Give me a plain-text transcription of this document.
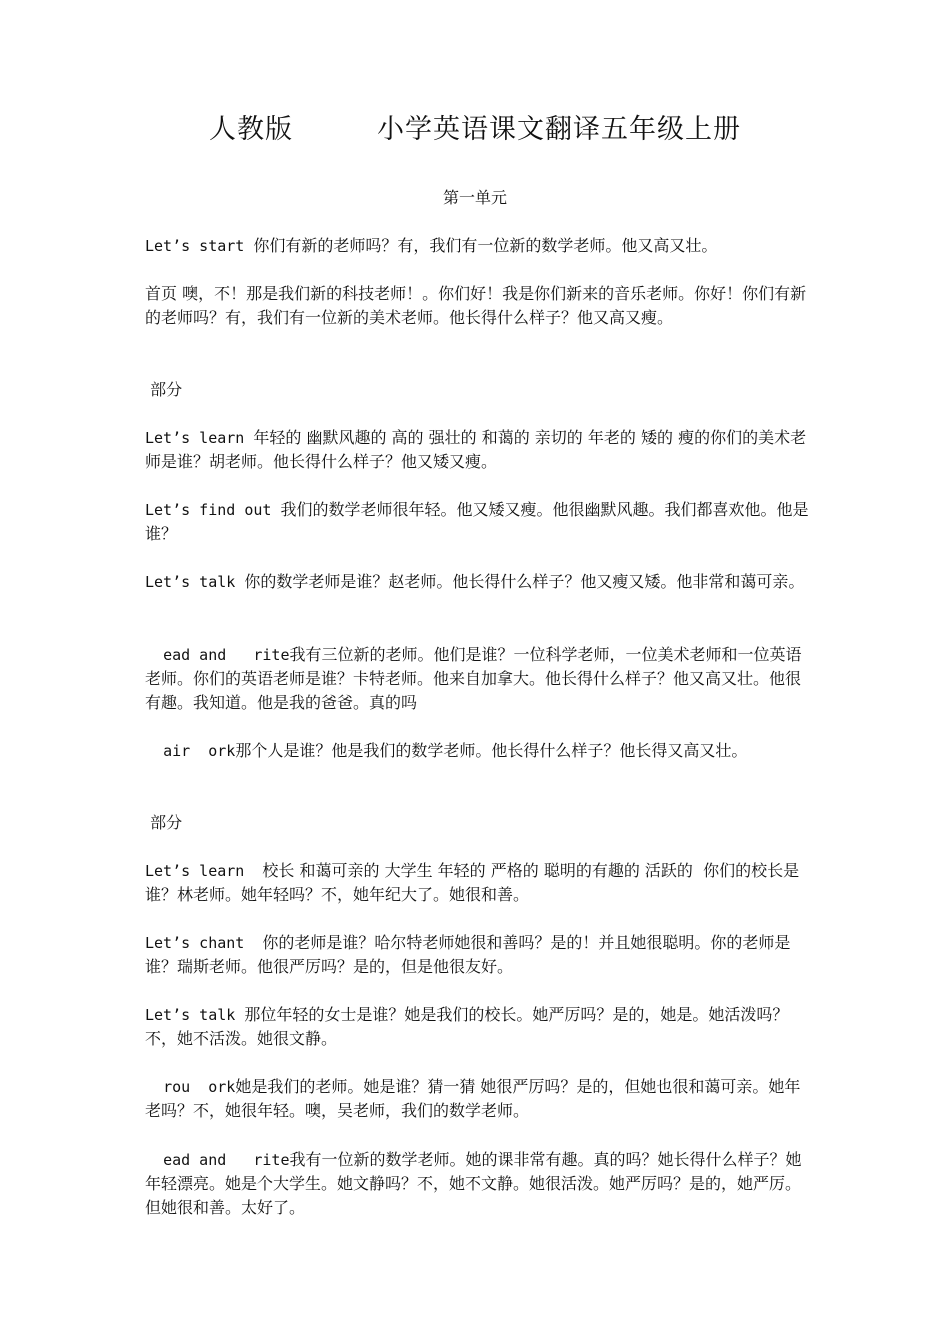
人教版　　　小学英语课文翻译五年级上册
第一单元
Let’s start 你们有新的老师吗？有，我们有一位新的数学老师。他又高又壮。
首页 噢，不！那是我们新的科技老师！。你们好！我是你们新来的音乐老师。你好！你们有新的老师吗？有，我们有一位新的美术老师。他长得什么样子？他又高又瘦。
部分
Let’s learn 年轻的 幽默风趣的 高的 强壮的 和蔼的 亲切的 年老的 矮的 瘦的你们的美术老师是谁？胡老师。他长得什么样子？他又矮又瘦。
Let’s find out 我们的数学老师很年轻。他又矮又瘦。他很幽默风趣。我们都喜欢他。他是谁？
Let’s talk 你的数学老师是谁？赵老师。他长得什么样子？他又瘦又矮。他非常和蔼可亲。
ead and   rite我有三位新的老师。他们是谁？一位科学老师，一位美术老师和一位英语老师。你们的英语老师是谁？卡特老师。他来自加拿大。他长得什么样子？他又高又壮。他很有趣。我知道。他是我的爸爸。真的吗
air  ork那个人是谁？他是我们的数学老师。他长得什么样子？他长得又高又壮。
部分
Let’s learn  校长 和蔼可亲的 大学生 年轻的 严格的 聪明的有趣的 活跃的  你们的校长是谁？林老师。她年轻吗？不，她年纪大了。她很和善。
Let’s chant  你的老师是谁？哈尔特老师她很和善吗？是的！并且她很聪明。你的老师是谁？瑞斯老师。他很严厉吗？是的，但是他很友好。
Let’s talk 那位年轻的女士是谁？她是我们的校长。她严厉吗？是的，她是。她活泼吗？不，她不活泼。她很文静。
rou  ork她是我们的老师。她是谁？猜一猜 她很严厉吗？是的，但她也很和蔼可亲。她年老吗？不，她很年轻。噢，吴老师，我们的数学老师。
ead and   rite我有一位新的数学老师。她的课非常有趣。真的吗？她长得什么样子？她年轻漂亮。她是个大学生。她文静吗？不，她不文静。她很活泼。她严厉吗？是的，她严厉。但她很和善。太好了。
